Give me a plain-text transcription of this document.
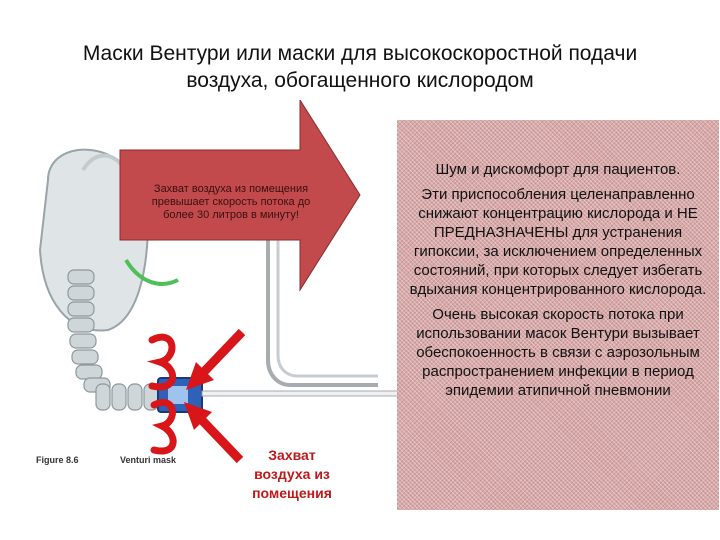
Маски Вентури или маски для высокоскоростной подачи
воздуха, обогащенного кислородом
Figure 8.6	Venturi mask
Захват воздуха из помещения превышает скорость потока до более 30 литров в минуту!
Захват
воздуха из
помещения

Шум и дискомфорт для пациентов.

Эти приспособления целенаправленно снижают концентрацию кислорода и НЕ ПРЕДНАЗНАЧЕНЫ для устранения гипоксии, за исключением определенных состояний, при которых следует избегать вдыхания концентрированного кислорода.

Очень высокая скорость потока при использовании масок Вентури вызывает обеспокоенность в связи с аэрозольным распространением инфекции в период эпидемии атипичной пневмонии
